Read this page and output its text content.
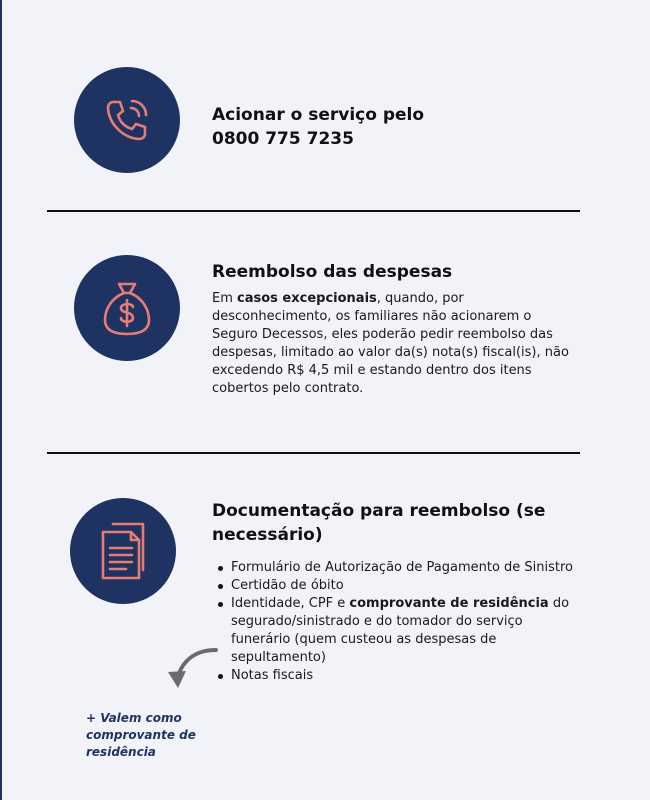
Acionar o serviço pelo
0800 775 7235
Reembolso das despesas
Em casos excepcionais, quando, por desconhecimento, os familiares não acionarem o Seguro Decessos, eles poderão pedir reembolso das despesas, limitado ao valor da(s) nota(s) fiscal(is), não excedendo R$ 4,5 mil e estando dentro dos itens cobertos pelo contrato.
Documentação para reembolso (se
necessário)
Formulário de Autorização de Pagamento de Sinistro
Certidão de óbito
Identidade, CPF e comprovante de residência do segurado/sinistrado e do tomador do serviço funerário (quem custeou as despesas de sepultamento)
Notas fiscais
+ Valem como comprovante de residência
